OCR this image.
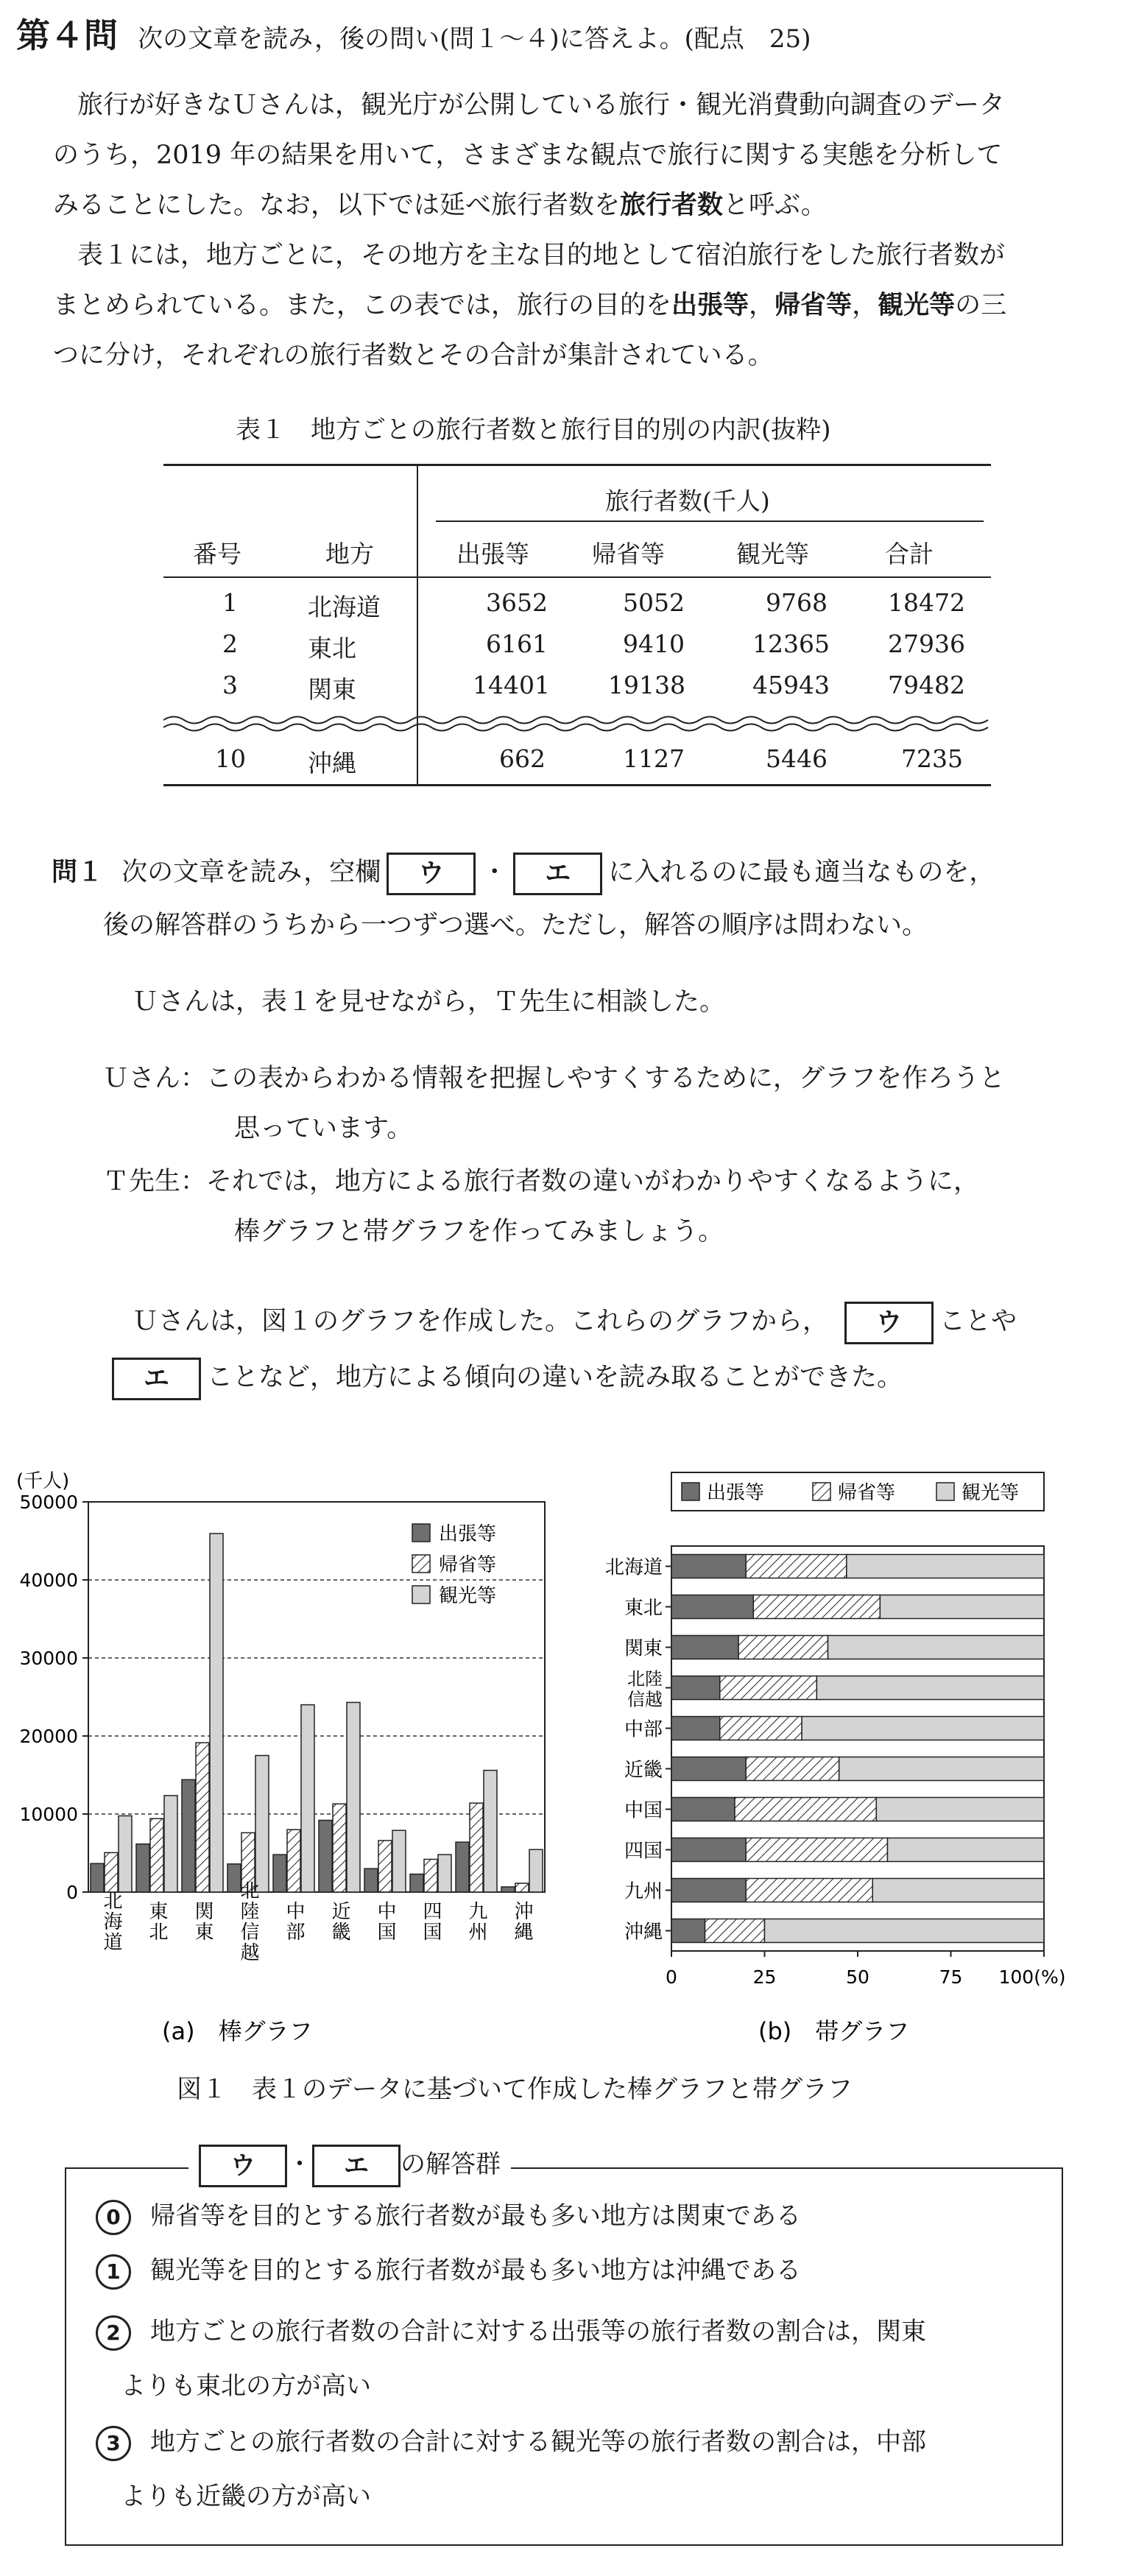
第４問 次の文章を読み，後の問い(問１～４)に答えよ。(配点　25)
旅行が好きなＵさんは，観光庁が公開している旅行・観光消費動向調査のデータ
のうち，2019 年の結果を用いて，さまざまな観点で旅行に関する実態を分析して
みることにした。なお，以下では延べ旅行者数を旅行者数と呼ぶ。
表１には，地方ごとに，その地方を主な目的地として宿泊旅行をした旅行者数が
まとめられている。また，この表では，旅行の目的を出張等，帰省等，観光等の三
つに分け，それぞれの旅行者数とその合計が集計されている。
表１　地方ごとの旅行者数と旅行目的別の内訳(抜粋)
旅行者数(千人)
番号	地方	出張等	帰省等	観光等	合計
1	北海道	3652	5052	9768 18472
2	東北	6161	9410	12365 27936
3	関東	14401 19138	45943 79482
10	沖縄	662	1127	5446	7235
問１ 次の文章を読み，空欄 ウ ・ エ に入れるのに最も適当なものを，
後の解答群のうちから一つずつ選べ。ただし，解答の順序は問わない。
Ｕさんは，表１を見せながら，Ｔ先生に相談した。
Ｕさん：この表からわかる情報を把握しやすくするために，グラフを作ろうと
思っています。
Ｔ先生：それでは，地方による旅行者数の違いがわかりやすくなるように，
棒グラフと帯グラフを作ってみましょう。
Ｕさんは，図１のグラフを作成した。これらのグラフから， ウ ことや
エ ことなど，地方による傾向の違いを読み取ることができた。
(千人)
0
10000
20000
30000
40000
50000
北海道 東北 関東 北陸信越 中部 近畿 中国 四国 九州 沖縄
出張等
帰省等
観光等
(a)　棒グラフ
出張等	帰省等	観光等
北海道
東北
関東
北陸
信越
中部
近畿
中国
四国
九州
沖縄
0	25	50	75 100(%)
(b)　帯グラフ
図１　表１のデータに基づいて作成した棒グラフと帯グラフ
ウ ・ エ の解答群
0 帰省等を目的とする旅行者数が最も多い地方は関東である
1 観光等を目的とする旅行者数が最も多い地方は沖縄である
2 地方ごとの旅行者数の合計に対する出張等の旅行者数の割合は，関東
よりも東北の方が高い
3 地方ごとの旅行者数の合計に対する観光等の旅行者数の割合は，中部
よりも近畿の方が高い
